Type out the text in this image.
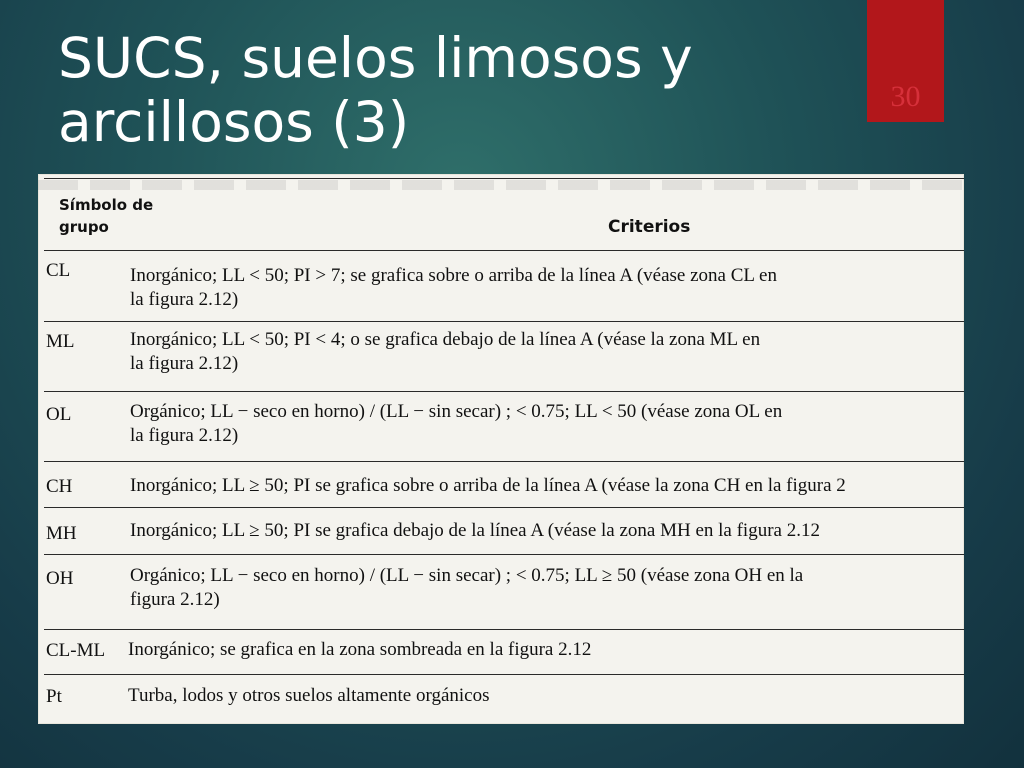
SUCS, suelos limosos y
arcillosos (3)	30
Símbolo de
grupo	Criterios
CL	Inorgánico; LL < 50; PI > 7; se grafica sobre o arriba de la línea A (véase zona CL en
la figura 2.12)
ML	Inorgánico; LL < 50; PI < 4; o se grafica debajo de la línea A (véase la zona ML en
la figura 2.12)
OL	Orgánico; LL − seco en horno) / (LL − sin secar) ; < 0.75; LL < 50 (véase zona OL en
la figura 2.12)
CH	Inorgánico; LL ≥ 50; PI se grafica sobre o arriba de la línea A (véase la zona CH en la figura 2
MH	Inorgánico; LL ≥ 50; PI se grafica debajo de la línea A (véase la zona MH en la figura 2.12
OH	Orgánico; LL − seco en horno) / (LL − sin secar) ; < 0.75; LL ≥ 50 (véase zona OH en la
figura 2.12)
CL-ML Inorgánico; se grafica en la zona sombreada en la figura 2.12
Pt	Turba, lodos y otros suelos altamente orgánicos
